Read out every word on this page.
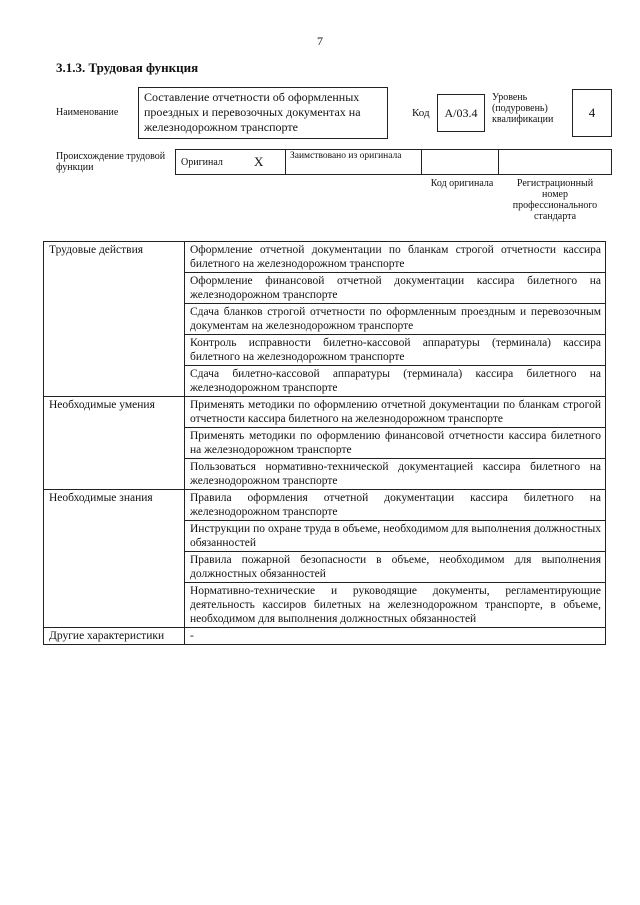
7
3.1.3. Трудовая функция
Наименование
Составление отчетности об оформленных проездных и перевозочных документах на железнодорожном транспорте
Код	A/03.4
Уровень (подуровень) квалификации	4
Происхождение трудовой функции	Оригинал X	Заимствовано из оригинала
Код оригинала	Регистрационный номер профессионального стандарта
Трудовые действия	Оформление отчетной документации по бланкам строгой отчетности кассира билетного на железнодорожном транспорте
	Оформление финансовой отчетной документации кассира билетного на железнодорожном транспорте
	Сдача бланков строгой отчетности по оформленным проездным и перевозочным документам на железнодорожном транспорте
	Контроль исправности билетно-кассовой аппаратуры (терминала) кассира билетного на железнодорожном транспорте
	Сдача билетно-кассовой аппаратуры (терминала) кассира билетного на железнодорожном транспорте
Необходимые умения	Применять методики по оформлению отчетной документации по бланкам строгой отчетности кассира билетного на железнодорожном транспорте
	Применять методики по оформлению финансовой отчетности кассира билетного на железнодорожном транспорте
	Пользоваться нормативно-технической документацией кассира билетного на железнодорожном транспорте
Необходимые знания	Правила оформления отчетной документации кассира билетного на железнодорожном транспорте
	Инструкции по охране труда в объеме, необходимом для выполнения должностных обязанностей
	Правила пожарной безопасности в объеме, необходимом для выполнения должностных обязанностей
	Нормативно-технические и руководящие документы, регламентирующие деятельность кассиров билетных на железнодорожном транспорте, в объеме, необходимом для выполнения должностных обязанностей
Другие характеристики	-
